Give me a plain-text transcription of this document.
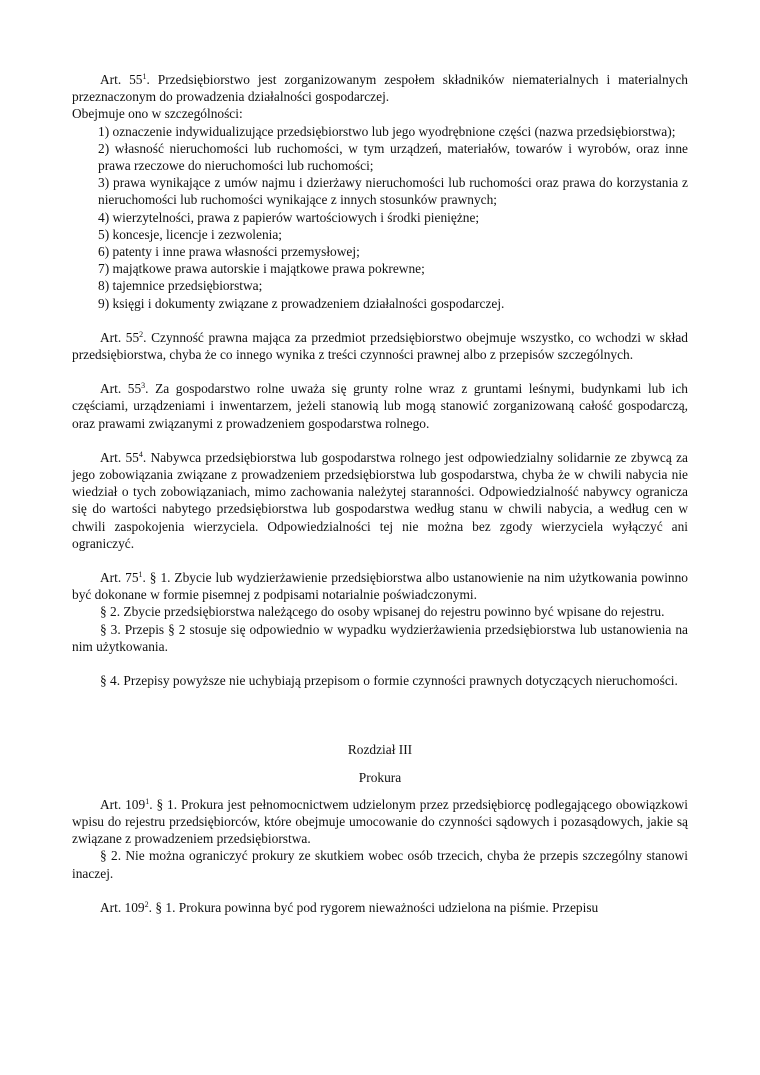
Art. $55^1$. Przedsiębiorstwo jest zorganizowanym zespołem składników niematerialnych i materialnych przeznaczonym do prowadzenia działalności gospodarczej.

Obejmuje ono w szczególności:

1) oznaczenie indywidualizujące przedsiębiorstwo lub jego wyodrębnione części (nazwa przedsiębiorstwa);
2) własność nieruchomości lub ruchomości, w tym urządzeń, materiałów, towarów i wyrobów, oraz inne prawa rzeczowe do nieruchomości lub ruchomości;
3) prawa wynikające z umów najmu i dzierżawy nieruchomości lub ruchomości oraz prawa do korzystania z nieruchomości lub ruchomości wynikające z innych stosunków prawnych;
4) wierzytelności, prawa z papierów wartościowych i środki pieniężne;
5) koncesje, licencje i zezwolenia;
6) patenty i inne prawa własności przemysłowej;
7) majątkowe prawa autorskie i majątkowe prawa pokrewne;
8) tajemnice przedsiębiorstwa;
9) księgi i dokumenty związane z prowadzeniem działalności gospodarczej.

Art. $55^2$. Czynność prawna mająca za przedmiot przedsiębiorstwo obejmuje wszystko, co wchodzi w skład przedsiębiorstwa, chyba że co innego wynika z treści czynności prawnej albo z przepisów szczególnych.

Art. $55^3$. Za gospodarstwo rolne uważa się grunty rolne wraz z gruntami leśnymi, budynkami lub ich częściami, urządzeniami i inwentarzem, jeżeli stanowią lub mogą stanowić zorganizowaną całość gospodarczą, oraz prawami związanymi z prowadzeniem gospodarstwa rolnego.

Art. $55^4$. Nabywca przedsiębiorstwa lub gospodarstwa rolnego jest odpowiedzialny solidarnie ze zbywcą za jego zobowiązania związane z prowadzeniem przedsiębiorstwa lub gospodarstwa, chyba że w chwili nabycia nie wiedział o tych zobowiązaniach, mimo zachowania należytej staranności. Odpowiedzialność nabywcy ogranicza się do wartości nabytego przedsiębiorstwa lub gospodarstwa według stanu w chwili nabycia, a według cen w chwili zaspokojenia wierzyciela. Odpowiedzialności tej nie można bez zgody wierzyciela wyłączyć ani ograniczyć.

Art. $75^1$. § 1. Zbycie lub wydzierżawienie przedsiębiorstwa albo ustanowienie na nim użytkowania powinno być dokonane w formie pisemnej z podpisami notarialnie poświadczonymi.

§ 2. Zbycie przedsiębiorstwa należącego do osoby wpisanej do rejestru powinno być wpisane do rejestru.

§ 3. Przepis § 2 stosuje się odpowiednio w wypadku wydzierżawienia przedsiębiorstwa lub ustanowienia na nim użytkowania.

§ 4. Przepisy powyższe nie uchybiają przepisom o formie czynności prawnych dotyczących nieruchomości.

Rozdział III

Prokura

Art. $109^1$. § 1. Prokura jest pełnomocnictwem udzielonym przez przedsiębiorcę podlegającego obowiązkowi wpisu do rejestru przedsiębiorców, które obejmuje umocowanie do czynności sądowych i pozasądowych, jakie są związane z prowadzeniem przedsiębiorstwa.

§ 2. Nie można ograniczyć prokury ze skutkiem wobec osób trzecich, chyba że przepis szczególny stanowi inaczej.

Art. $109^2$. § 1. Prokura powinna być pod rygorem nieważności udzielona na piśmie. Przepisu
